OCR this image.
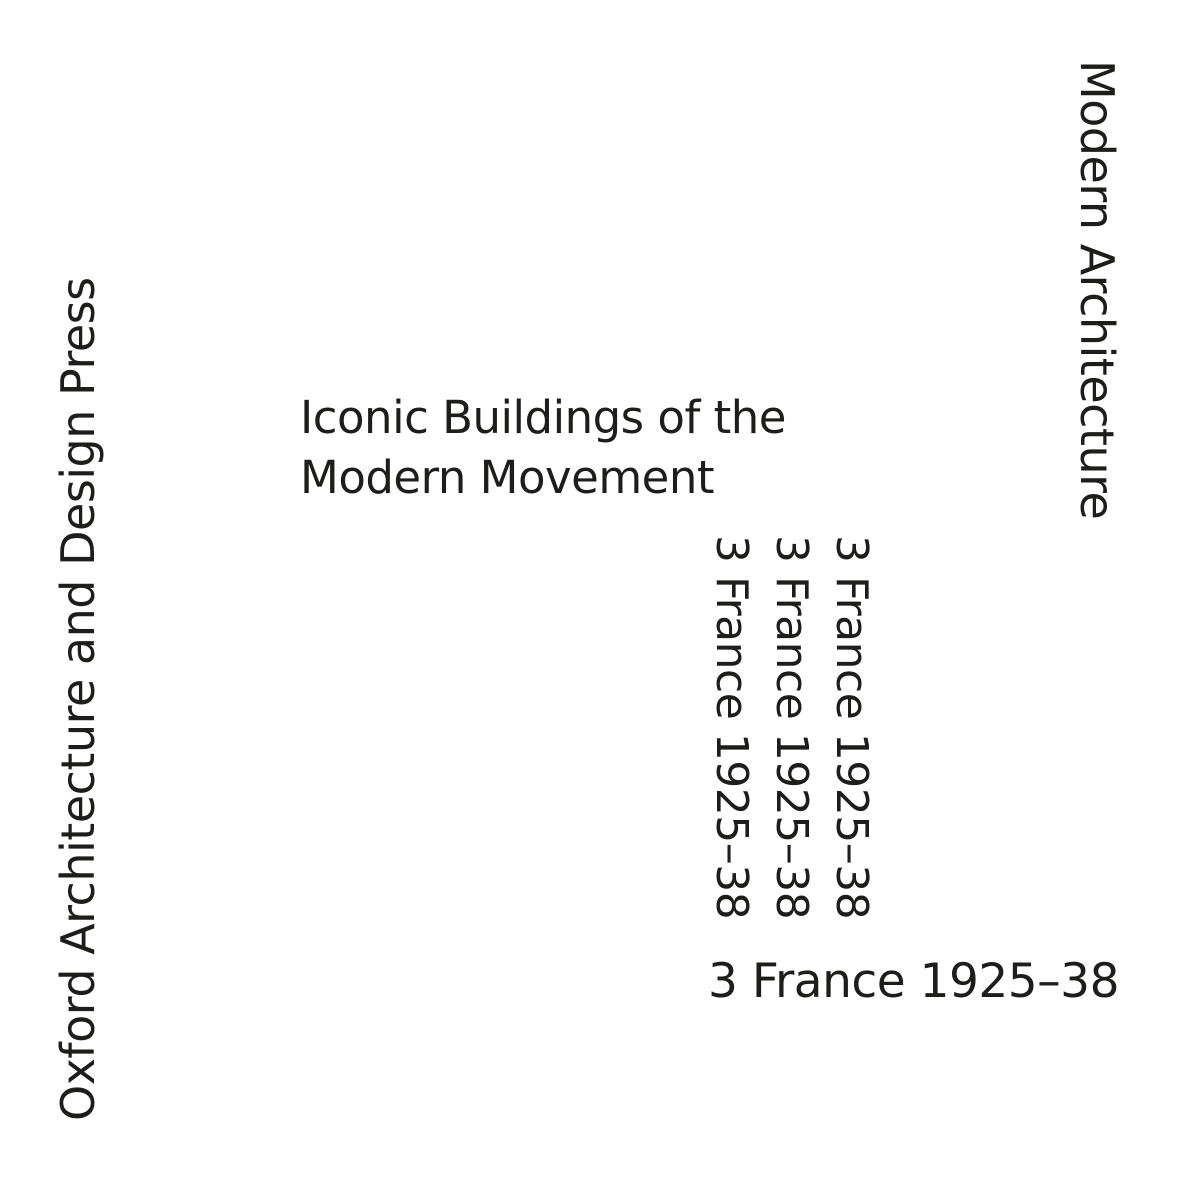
Oxford Architecture and Design Press	Modern Architecture
Iconic Buildings of the
Modern Movement
3 France 1925–38
3 France 1925–38
3 France 1925–38
3 France 1925–38
